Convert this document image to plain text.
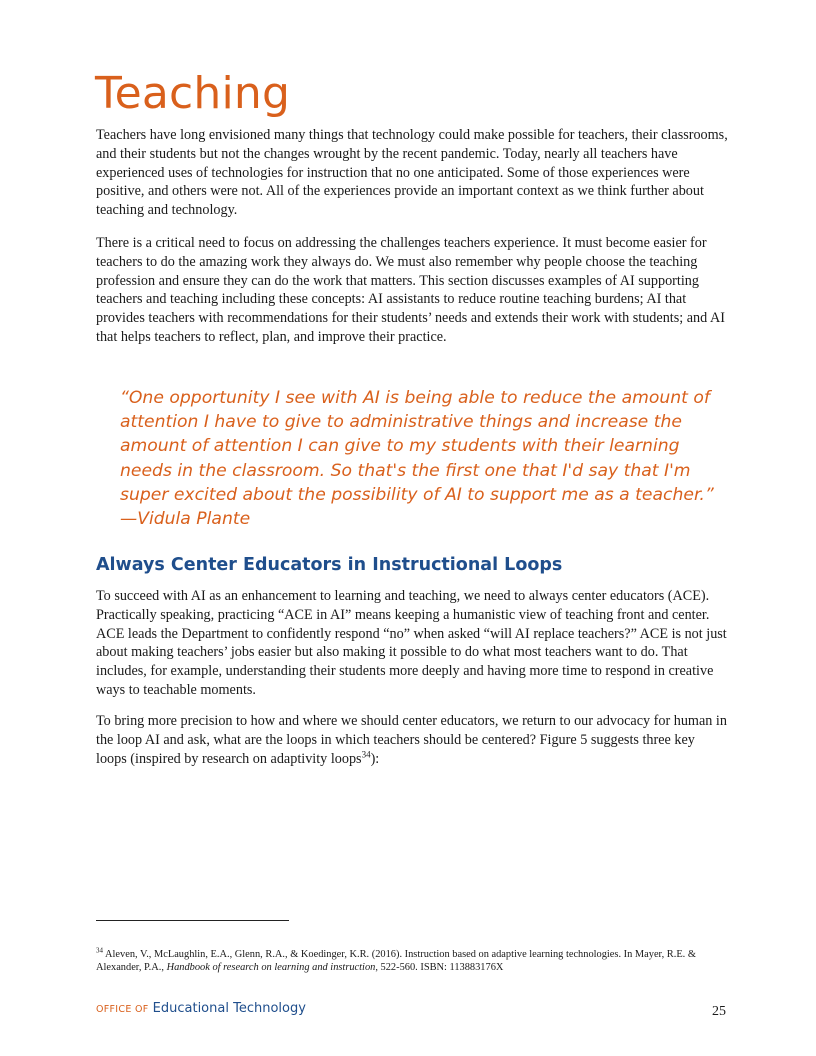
Teaching

Teachers have long envisioned many things that technology could make possible for teachers, their classrooms, and their students but not the changes wrought by the recent pandemic. Today, nearly all teachers have experienced uses of technologies for instruction that no one anticipated. Some of those experiences were positive, and others were not. All of the experiences provide an important context as we think further about teaching and technology.

There is a critical need to focus on addressing the challenges teachers experience. It must become easier for teachers to do the amazing work they always do. We must also remember why people choose the teaching profession and ensure they can do the work that matters. This section discusses examples of AI supporting teachers and teaching including these concepts: AI assistants to reduce routine teaching burdens; AI that provides teachers with recommendations for their students’ needs and extends their work with students; and AI that helps teachers to reflect, plan, and improve their practice.

“One opportunity I see with AI is being able to reduce the amount of attention I have to give to administrative things and increase the amount of attention I can give to my students with their learning needs in the classroom. So that's the first one that I'd say that I'm super excited about the possibility of AI to support me as a teacher.”
—Vidula Plante
Always Center Educators in Instructional Loops

To succeed with AI as an enhancement to learning and teaching, we need to always center educators (ACE). Practically speaking, practicing “ACE in AI” means keeping a humanistic view of teaching front and center. ACE leads the Department to confidently respond “no” when asked “will AI replace teachers?” ACE is not just about making teachers’ jobs easier but also making it possible to do what most teachers want to do. That includes, for example, understanding their students more deeply and having more time to respond in creative ways to teachable moments.

To bring more precision to how and where we should center educators, we return to our advocacy for human in the loop AI and ask, what are the loops in which teachers should be centered? Figure 5 suggests three key loops (inspired by research on adaptivity loops$^{34}$):

$^{34}$ Aleven, V., McLaughlin, E.A., Glenn, R.A., & Koedinger, K.R. (2016). Instruction based on adaptive learning technologies. In Mayer, R.E. & Alexander, P.A., Handbook of research on learning and instruction, 522-560. ISBN: 113883176X

OFFICE OF Educational Technology	25
